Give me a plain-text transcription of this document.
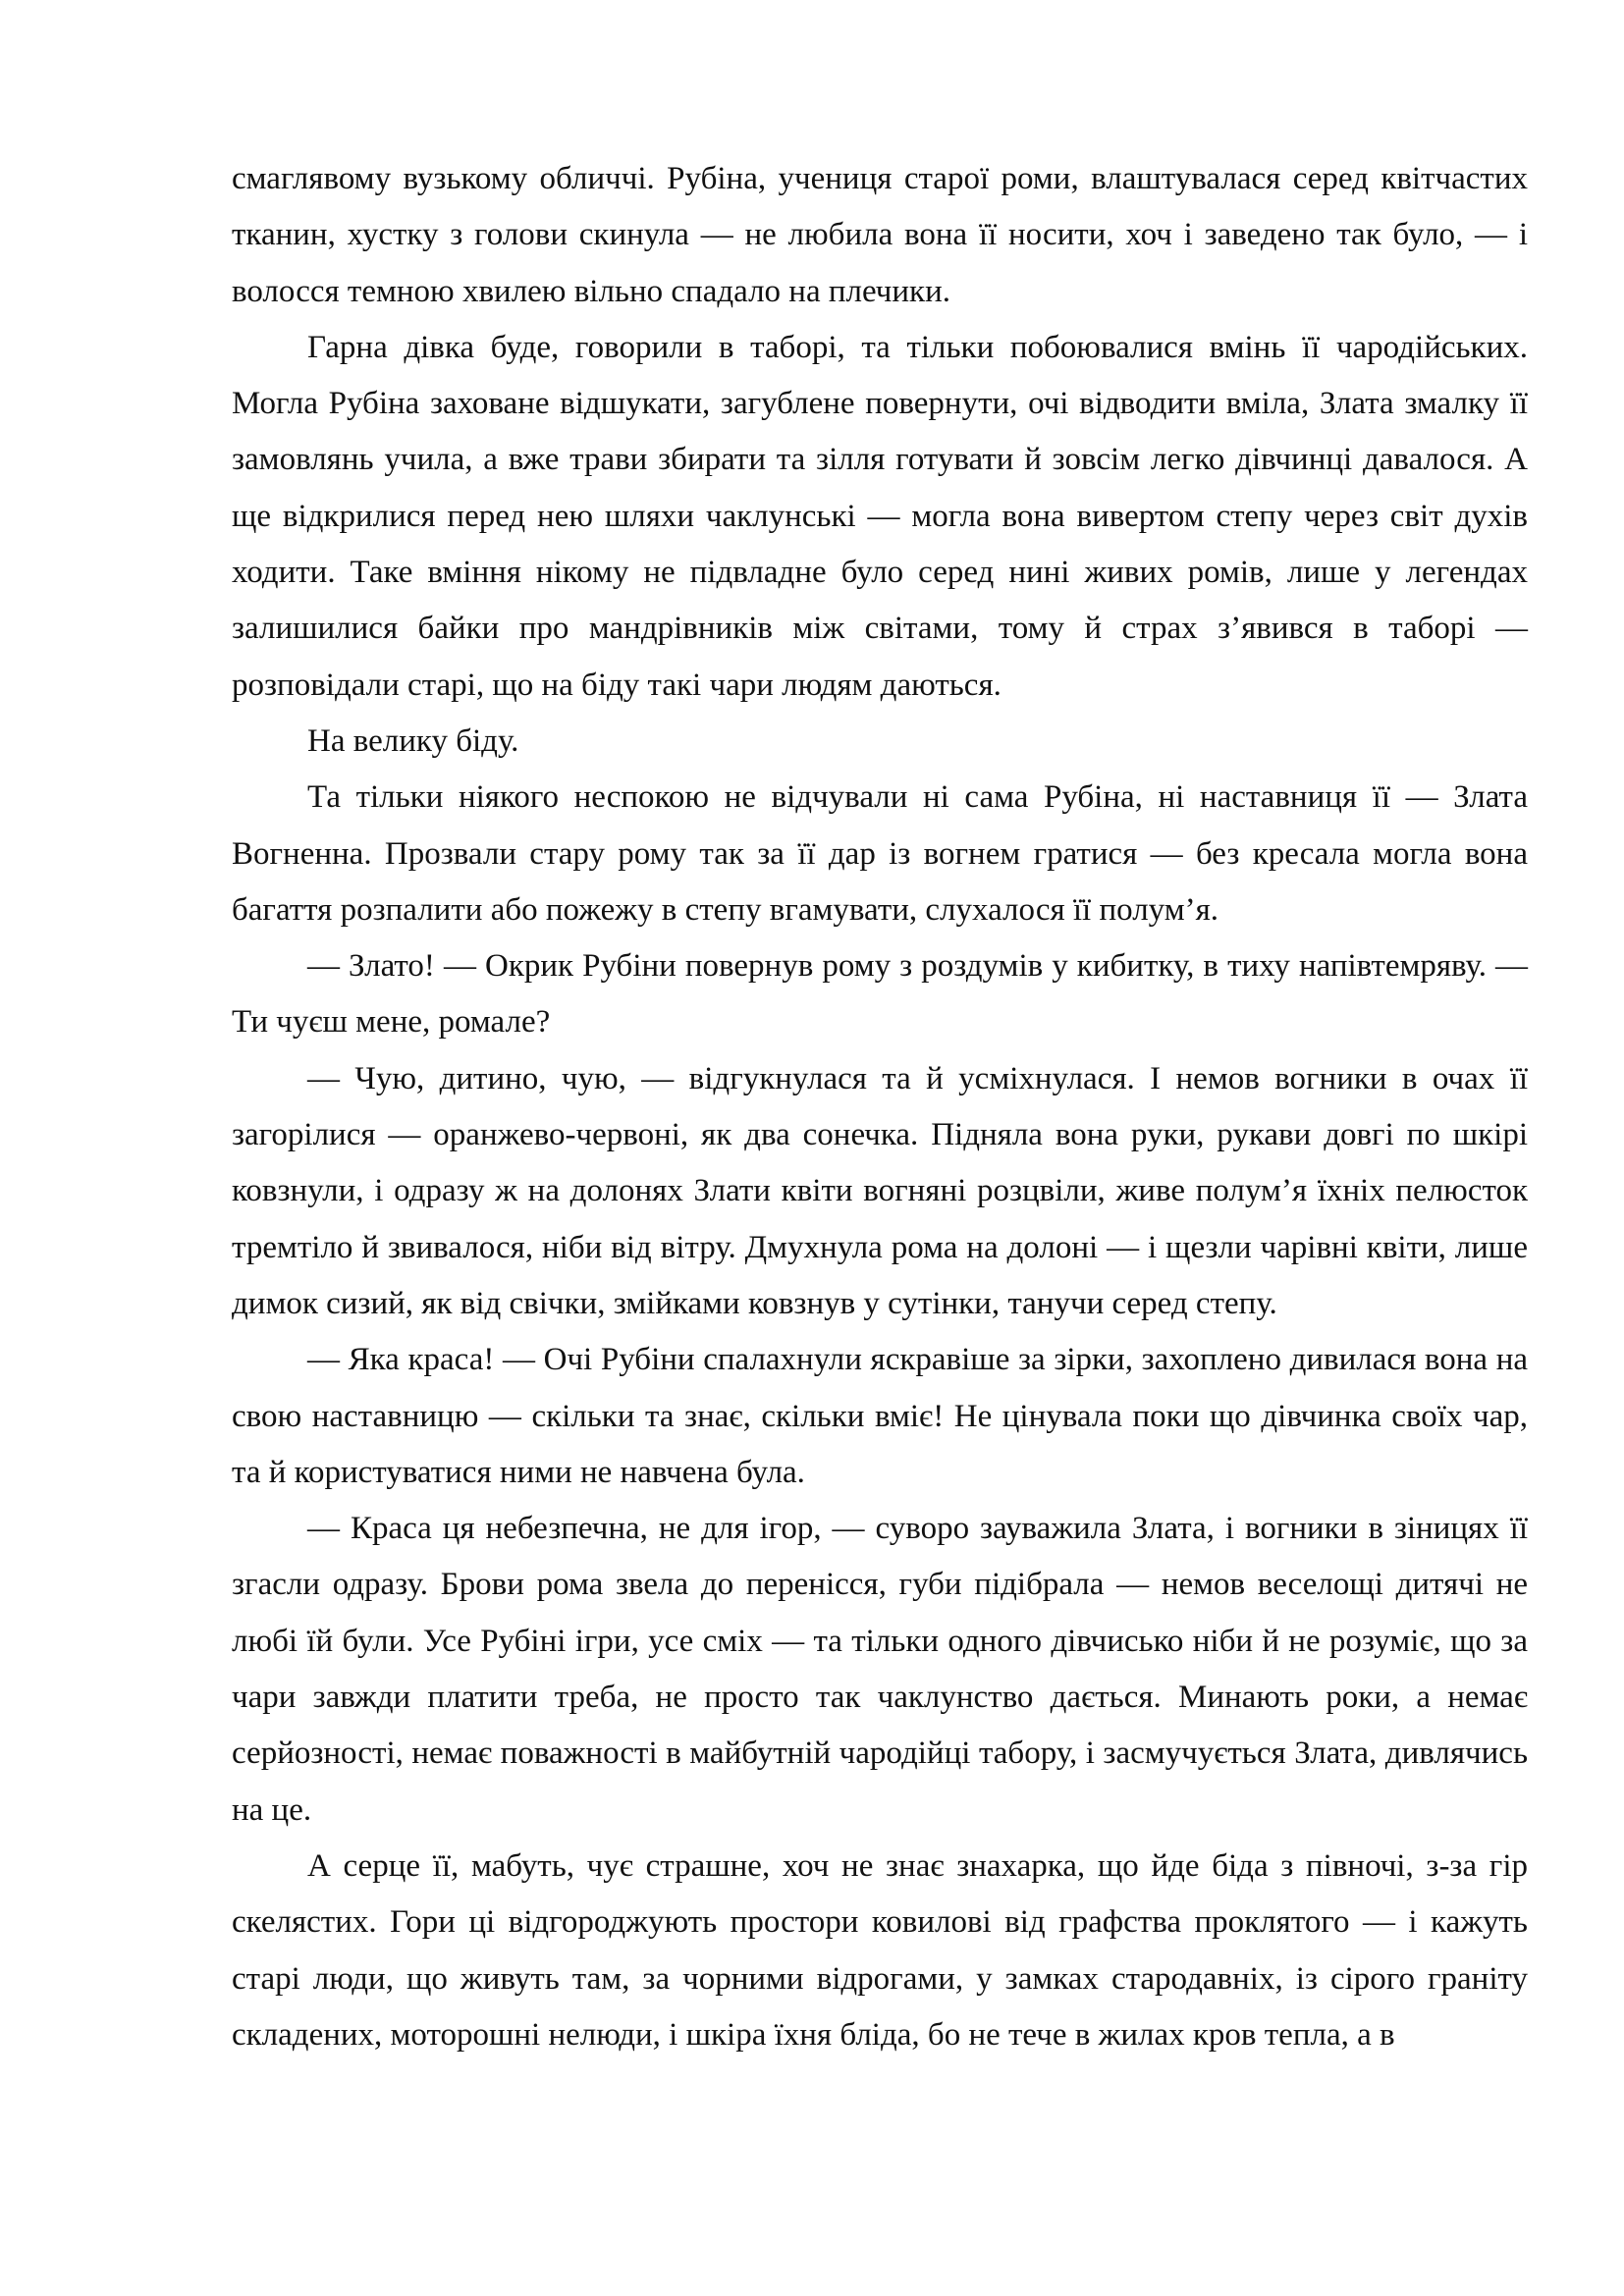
смаглявому вузькому обличчі. Рубіна, учениця старої роми, влаштувалася серед квітчастих тканин, хустку з голови скинула — не любила вона її носити, хоч і заведено так було, — і волосся темною хвилею вільно спадало на плечики.

Гарна дівка буде, говорили в таборі, та тільки побоювалися вмінь її чародійських. Могла Рубіна заховане відшукати, загублене повернути, очі відводити вміла, Злата змалку її замовлянь учила, а вже трави збирати та зілля готувати й зовсім легко дівчинці давалося. А ще відкрилися перед нею шляхи чаклунські — могла вона вивертом степу через світ духів ходити. Таке вміння нікому не підвладне було серед нині живих ромів, лише у легендах залишилися байки про мандрівників між світами, тому й страх з’явився в таборі — розповідали старі, що на біду такі чари людям даються.

На велику біду.

Та тільки ніякого неспокою не відчували ні сама Рубіна, ні наставниця її — Злата Вогненна. Прозвали стару рому так за її дар із вогнем гратися — без кресала могла вона багаття розпалити або пожежу в степу вгамувати, слухалося її полум’я.

— Злато! — Окрик Рубіни повернув рому з роздумів у кибитку, в тиху напівтемряву. — Ти чуєш мене, ромале?

— Чую, дитино, чую, — відгукнулася та й усміхнулася. І немов вогники в очах її загорілися — оранжево-червоні, як два сонечка. Підняла вона руки, рукави довгі по шкірі ковзнули, і одразу ж на долонях Злати квіти вогняні розцвіли, живе полум’я їхніх пелюсток тремтіло й звивалося, ніби від вітру. Дмухнула рома на долоні — і щезли чарівні квіти, лише димок сизий, як від свічки, змійками ковзнув у сутінки, танучи серед степу.

— Яка краса! — Очі Рубіни спалахнули яскравіше за зірки, захоплено дивилася вона на свою наставницю — скільки та знає, скільки вміє! Не цінувала поки що дівчинка своїх чар, та й користуватися ними не навчена була.

— Краса ця небезпечна, не для ігор, — суворо зауважила Злата, і вогники в зіницях її згасли одразу. Брови рома звела до перенісся, губи підібрала — немов веселощі дитячі не любі їй були. Усе Рубіні ігри, усе сміх — та тільки одного дівчисько ніби й не розуміє, що за чари завжди платити треба, не просто так чаклунство дається. Минають роки, а немає серйозності, немає поважності в майбутній чародійці табору, і засмучується Злата, дивлячись на це.

А серце її, мабуть, чує страшне, хоч не знає знахарка, що йде біда з півночі, з-за гір скелястих. Гори ці відгороджують простори ковилові від графства проклятого — і кажуть старі люди, що живуть там, за чорними відрогами, у замках стародавніх, із сірого граніту складених, моторошні нелюди, і шкіра їхня бліда, бо не тече в жилах кров тепла, а в
